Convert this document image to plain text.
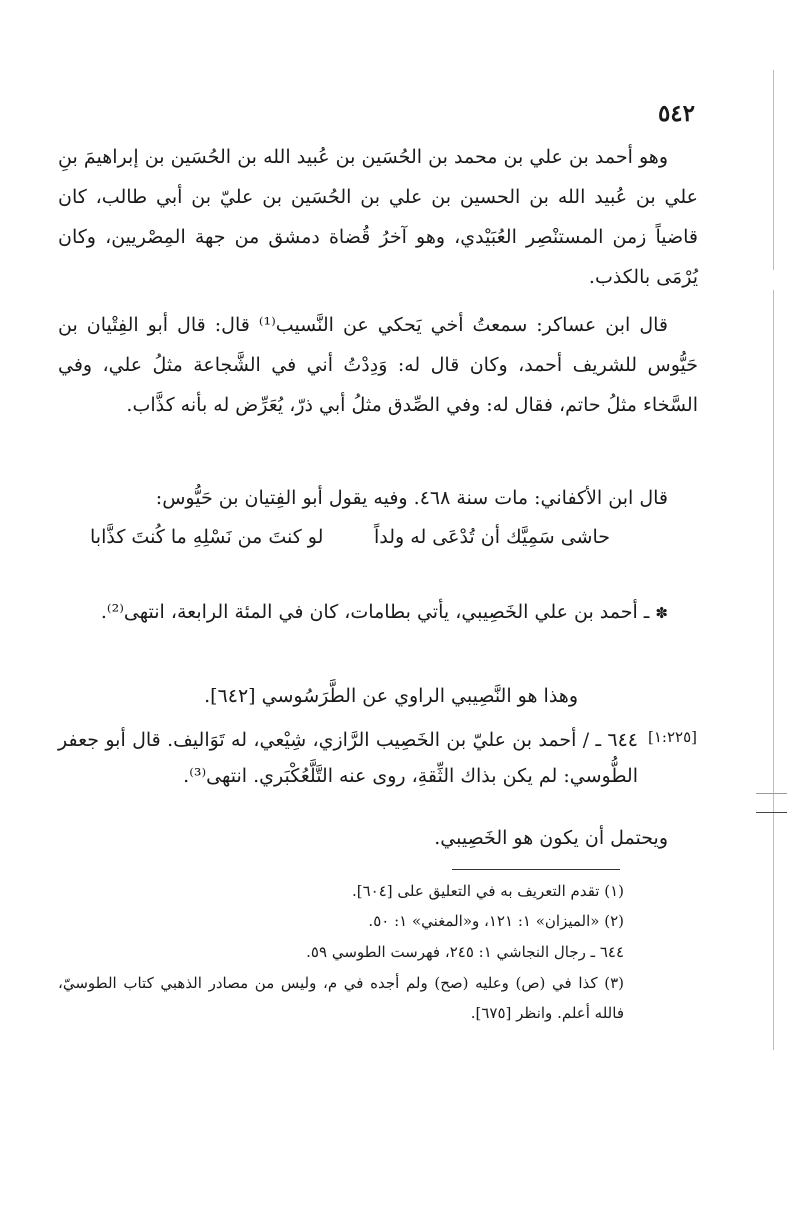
٥٤٢

وهو أحمد بن علي بن محمد بن الحُسَين بن عُبيد الله بن الحُسَين بن إبراهيمَ بنِ علي بن عُبيد الله بن الحسين بن علي بن الحُسَين بن عليّ بن أبي طالب، كان قاضياً زمن المستنْصِر العُبَيْدي، وهو آخرُ قُضاة دمشق من جهة المِصْريين، وكان يُرْمَى بالكذب.

قال ابن عساكر: سمعتُ أخي يَحكي عن النَّسيب⁽¹⁾ قال: قال أبو الفِتْيان بن حَيُّوس للشريف أحمد، وكان قال له: وَدِدْتُ أني في الشَّجاعة مثلُ علي، وفي السَّخاء مثلُ حاتم، فقال له: وفي الصِّدق مثلُ أبي ذرّ، يُعَرِّض له بأنه كذَّاب.

قال ابن الأكفاني: مات سنة ٤٦٨. وفيه يقول أبو الفِتيان بن حَيُّوس:

حاشى سَمِيَّك أن تُدْعَى له ولداً
لو كنتَ من نَسْلِهِ ما كُنتَ كذَّابا

✽ ـ أحمد بن علي الخَصِيبي، يأتي بطامات، كان في المئة الرابعة، انتهى⁽²⁾.

وهذا هو النَّصِيبي الراوي عن الطَّرَسُوسي [٦٤٢].

[١:٢٢٥]

٦٤٤ ـ / أحمد بن عليّ بن الخَصِيب الرَّازي، شِيْعي، له تَوَاليف. قال أبو جعفر الطُّوسي: لم يكن بذاك الثِّقةِ، روى عنه التَّلَّعُكْبَري. انتهى⁽³⁾.

ويحتمل أن يكون هو الخَصِيبي.

(١) تقدم التعريف به في التعليق على [٦٠٤].

(٢) «الميزان» ١: ١٢١، و«المغني» ١: ٥٠.

٦٤٤ ـ رجال النجاشي ١: ٢٤٥، فهرست الطوسي ٥٩.

(٣) كذا في (ص) وعليه (صح) ولم أجده في م، وليس من مصادر الذهبي كتاب الطوسيّ، فالله أعلم. وانظر [٦٧٥].
